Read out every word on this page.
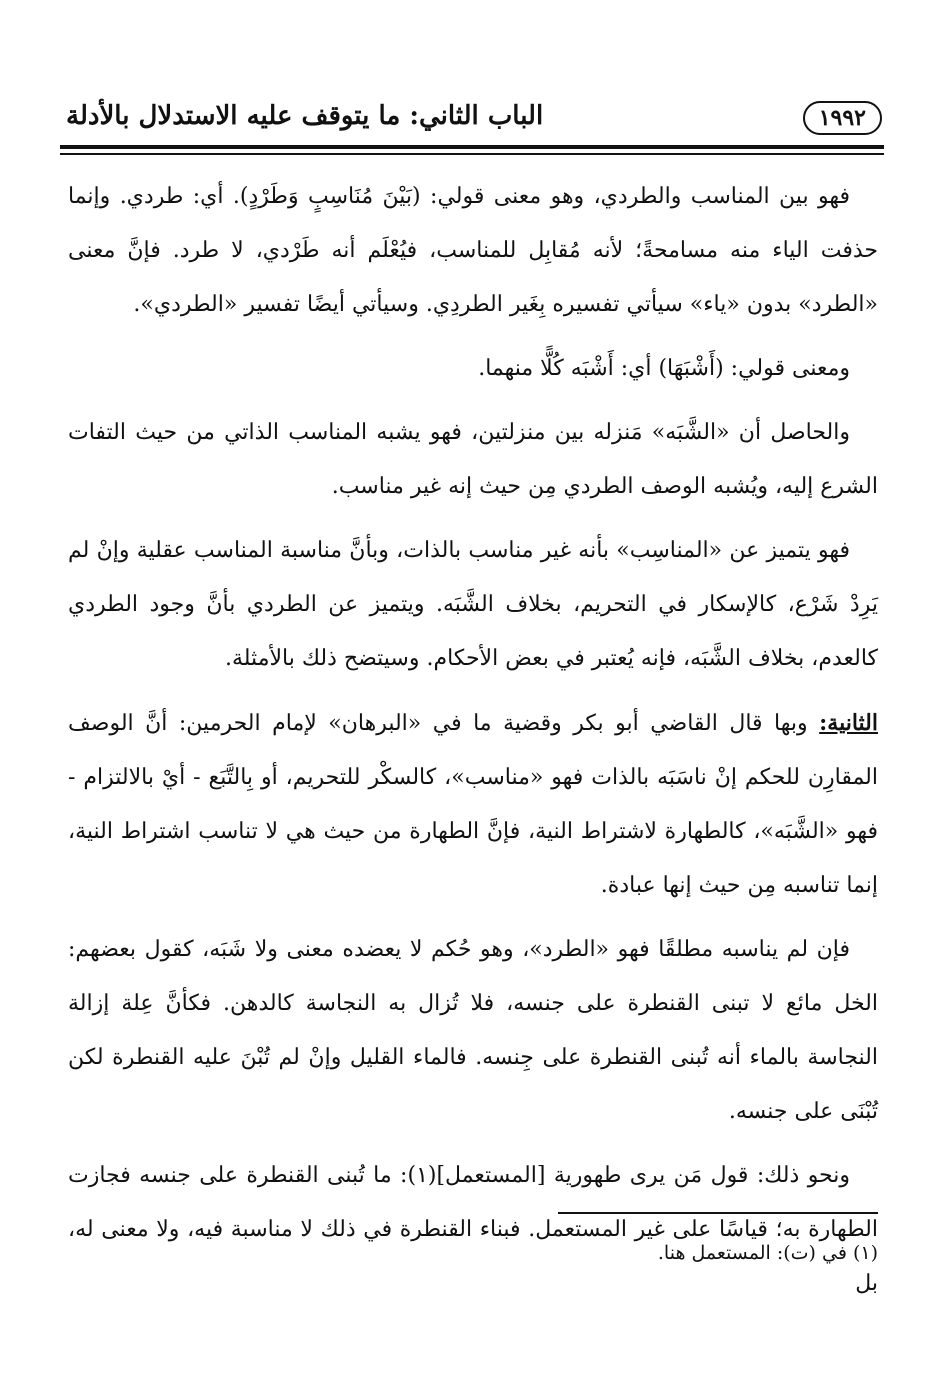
١٩٩٢
الباب الثاني: ما يتوقف عليه الاستدلال بالأدلة

فهو بين المناسب والطردي، وهو معنى قولي: (بَيْنَ مُنَاسِبٍ وَطَرْدٍ). أي: طردي. وإنما حذفت الياء منه مسامحةً؛ لأنه مُقابِل للمناسب، فيُعْلَم أنه طَرْدي، لا طرد. فإنَّ معنى «الطرد» بدون «ياء» سيأتي تفسيره بِغَير الطردِي. وسيأتي أيضًا تفسير «الطردي».

ومعنى قولي: (أَشْبَهَا) أي: أَشْبَه كُلًّا منهما.

والحاصل أن «الشَّبَه» مَنزله بين منزلتين، فهو يشبه المناسب الذاتي من حيث التفات الشرع إليه، ويُشبه الوصف الطردي مِن حيث إنه غير مناسب.

فهو يتميز عن «المناسِب» بأنه غير مناسب بالذات، وبأنَّ مناسبة المناسب عقلية وإنْ لم يَرِدْ شَرْع، كالإسكار في التحريم، بخلاف الشَّبَه. ويتميز عن الطردي بأنَّ وجود الطردي كالعدم، بخلاف الشَّبَه، فإنه يُعتبر في بعض الأحكام. وسيتضح ذلك بالأمثلة.

الثانية: وبها قال القاضي أبو بكر وقضية ما في «البرهان» لإمام الحرمين: أنَّ الوصف المقارِن للحكم إنْ ناسَبَه بالذات فهو «مناسب»، كالسكْر للتحريم، أو بِالتَّبَع - أيْ بالالتزام - فهو «الشَّبَه»، كالطهارة لاشتراط النية، فإنَّ الطهارة من حيث هي لا تناسب اشتراط النية، إنما تناسبه مِن حيث إنها عبادة.

فإن لم يناسبه مطلقًا فهو «الطرد»، وهو حُكم لا يعضده معنى ولا شَبَه، كقول بعضهم: الخل مائع لا تبنى القنطرة على جنسه، فلا تُزال به النجاسة كالدهن. فكأنَّ عِلة إزالة النجاسة بالماء أنه تُبنى القنطرة على جِنسه. فالماء القليل وإنْ لم تُبْنَ عليه القنطرة لكن تُبْنَى على جنسه.

ونحو ذلك: قول مَن يرى طهورية [المستعمل](١): ما تُبنى القنطرة على جنسه فجازت الطهارة به؛ قياسًا على غير المستعمل. فبناء القنطرة في ذلك لا مناسبة فيه، ولا معنى له، بل

(١) في (ت): المستعمل هنا.
